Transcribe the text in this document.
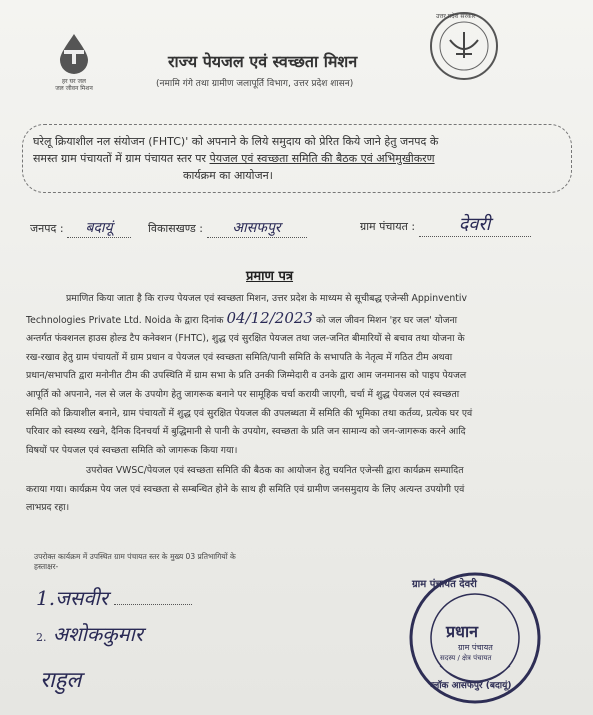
हर घर जल
जल जीवन मिशन
राज्य पेयजल एवं स्वच्छता मिशन
(नमामि गंगे तथा ग्रामीण जलापूर्ति विभाग, उत्तर प्रदेश शासन)
उत्तर प्रदेश सरकार
घरेलू क्रियाशील नल संयोजन (FHTC)' को अपनाने के लिये समुदाय को प्रेरित किये जाने हेतु जनपद के
समस्त ग्राम पंचायतों में ग्राम पंचायत स्तर पर पेयजल एवं स्वच्छता समिति की बैठक एवं अभिमुखीकरण
कार्यक्रम का आयोजन।
जनपद : बदायूं	विकासखण्ड : आसफपुर	ग्राम पंचायत : देवरी
प्रमाण पत्र
प्रमाणित किया जाता है कि राज्य पेयजल एवं स्वच्छता मिशन, उत्तर प्रदेश के माध्यम से सूचीबद्ध एजेन्सी Appinventiv
Technologies Private Ltd. Noida के द्वारा दिनांक 04/12/2023 को जल जीवन मिशन 'हर घर जल' योजना
अन्तर्गत फंक्शनल हाउस होल्ड टैप कनेक्शन (FHTC), शुद्ध एवं सुरक्षित पेयजल तथा जल-जनित बीमारियों से बचाव तथा योजना के
रख-रखाव हेतु ग्राम पंचायतों में ग्राम प्रधान व पेयजल एवं स्वच्छता समिति/पानी समिति के सभापति के नेतृत्व में गठित टीम अथवा
प्रधान/सभापति द्वारा मनोनीत टीम की उपस्थिति में ग्राम सभा के प्रति उनकी जिम्मेदारी व उनके द्वारा आम जनमानस को पाइप पेयजल
आपूर्ति को अपनाने, नल से जल के उपयोग हेतु जागरूक बनाने पर सामूहिक चर्चा करायी जाएगी, चर्चा में शुद्ध पेयजल एवं स्वच्छता
समिति को क्रियाशील बनाने, ग्राम पंचायतों में शुद्ध एवं सुरक्षित पेयजल की उपलब्धता में समिति की भूमिका तथा कर्तव्य, प्रत्येक घर एवं
परिवार को स्वस्थ्य रखने, दैनिक दिनचर्या में बुद्धिमानी से पानी के उपयोग, स्वच्छता के प्रति जन सामान्य को जन-जागरूक करने आदि
विषयों पर पेयजल एवं स्वच्छता समिति को जागरूक किया गया।
उपरोक्त VWSC/पेयजल एवं स्वच्छता समिति की बैठक का आयोजन हेतु चयनित एजेन्सी द्वारा कार्यक्रम सम्पादित
कराया गया। कार्यक्रम पेय जल एवं स्वच्छता से सम्बन्धित होने के साथ ही समिति एवं ग्रामीण जनसमुदाय के लिए अत्यन्त उपयोगी एवं
लाभप्रद रहा।
उपरोक्त कार्यक्रम में उपस्थित ग्राम पंचायत स्तर के मुख्य 03 प्रतिभागियों के
हस्ताक्षर-
1.जसवीर
2. अशोककुमार
राहुल
ग्राम पंचायत देवरी
प्रधान
ग्राम पंचायत
सदस्य / क्षेत्र पंचायत
ब्लॉक आसफपुर (बदायूं)
